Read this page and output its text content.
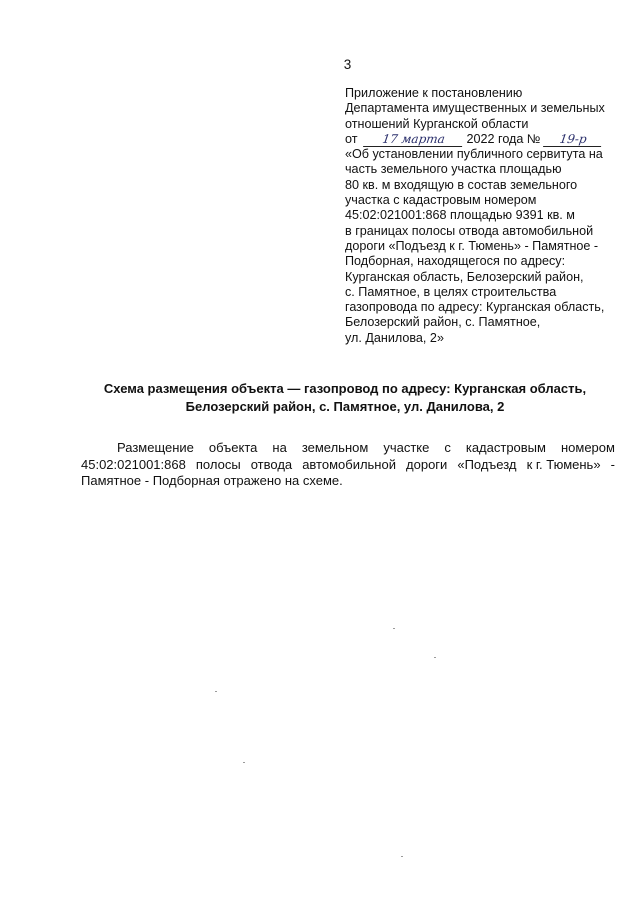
3
Приложение к постановлению
Департамента имущественных и земельных
отношений Курганской области
от 17 марта 2022 года № 19-р
«Об установлении публичного сервитута на
часть земельного участка площадью
80 кв. м входящую в состав земельного
участка с кадастровым номером
45:02:021001:868 площадью 9391 кв. м
в границах полосы отвода автомобильной
дороги «Подъезд к г. Тюмень» - Памятное -
Подборная, находящегося по адресу:
Курганская область, Белозерский район,
с. Памятное, в целях строительства
газопровода по адресу: Курганская область,
Белозерский район, с. Памятное,
ул. Данилова, 2»
Схема размещения объекта — газопровод по адресу: Курганская область,
Белозерский район, с. Памятное, ул. Данилова, 2
Размещение объекта на земельном участке с кадастровым номером
45:02:021001:868 полосы отвода автомобильной дороги «Подъезд к г. Тюмень» -
Памятное - Подборная отражено на схеме.
